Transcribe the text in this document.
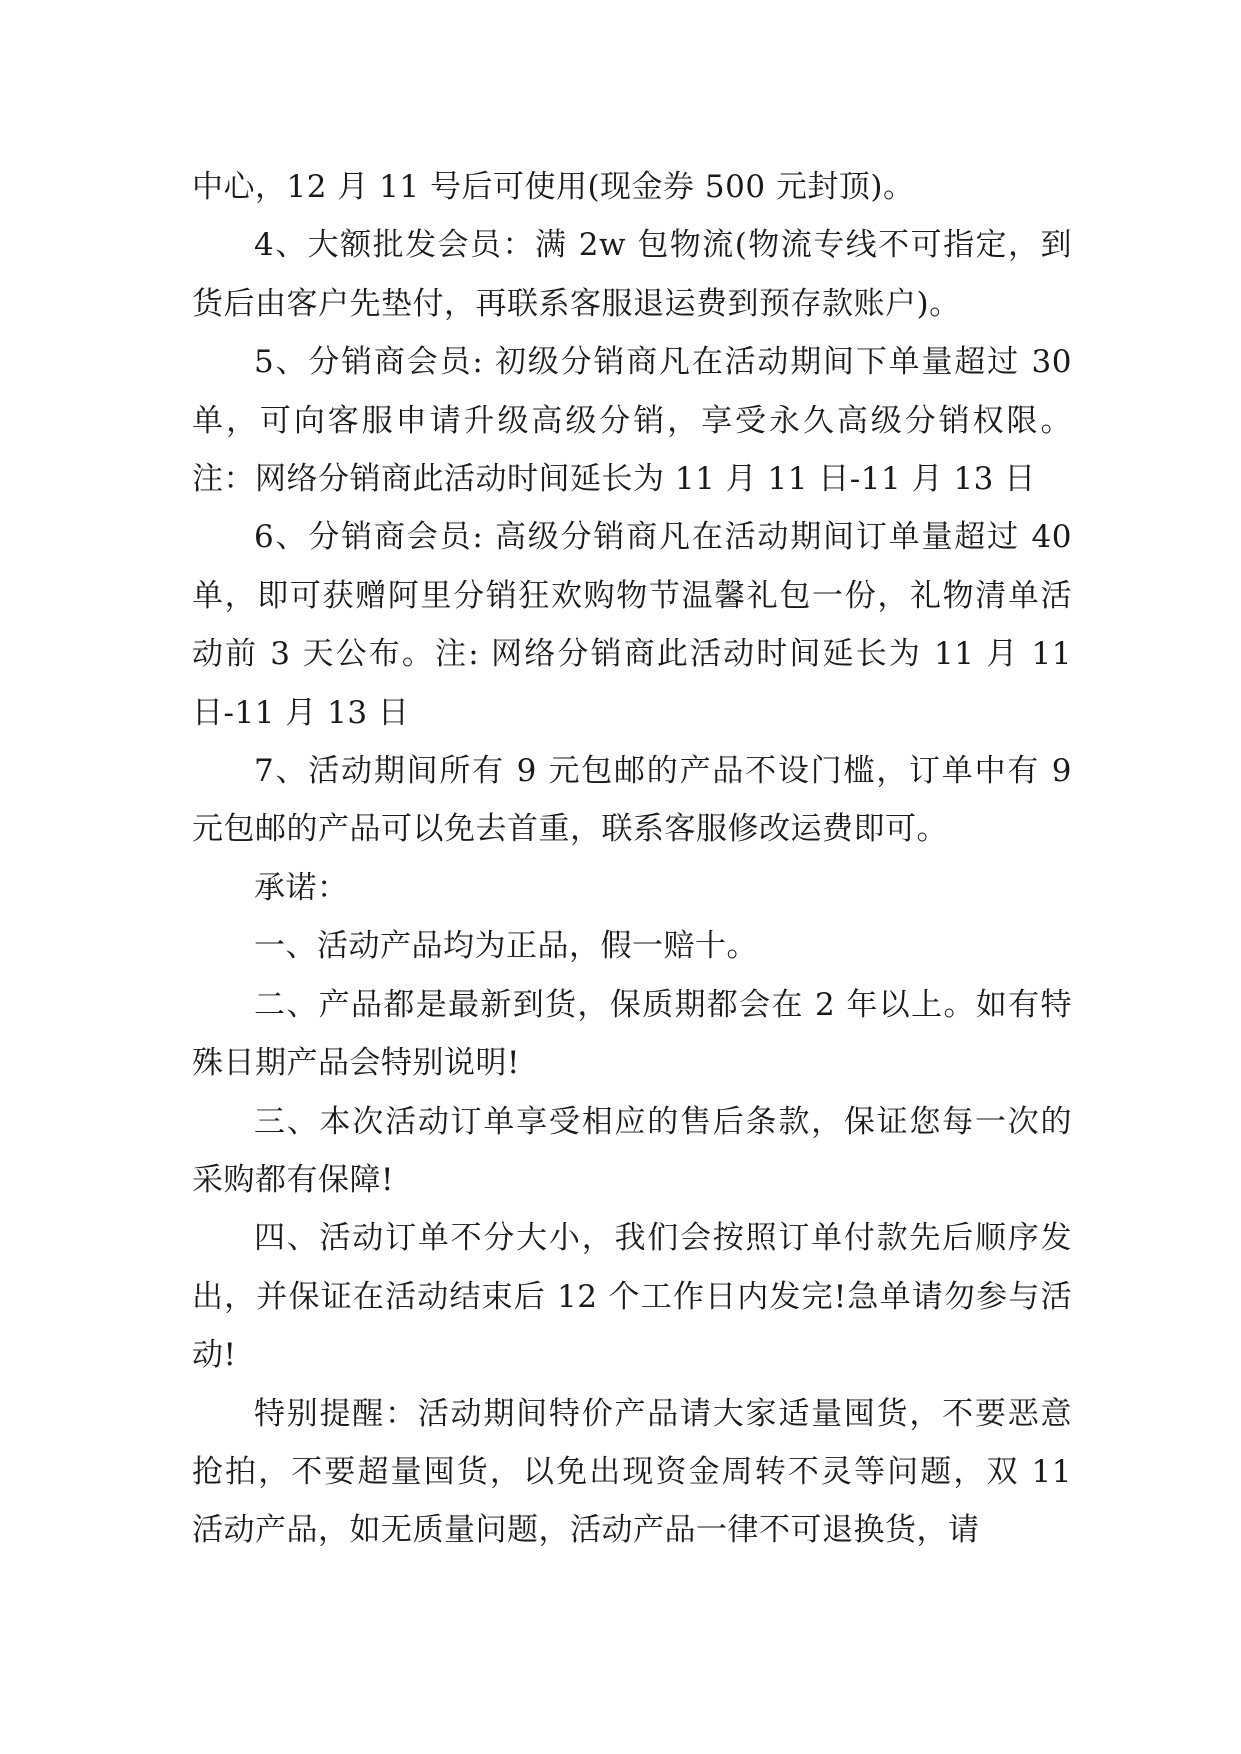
中心，12 月 11 号后可使用(现金券 500 元封顶)。

4、大额批发会员：满 2w 包物流(物流专线不可指定，到货后由客户先垫付，再联系客服退运费到预存款账户)。

5、分销商会员: 初级分销商凡在活动期间下单量超过 30 单，可向客服申请升级高级分销，享受永久高级分销权限。注：网络分销商此活动时间延长为 11 月 11 日-11 月 13 日

6、分销商会员: 高级分销商凡在活动期间订单量超过 40 单，即可获赠阿里分销狂欢购物节温馨礼包一份，礼物清单活动前 3 天公布。注: 网络分销商此活动时间延长为 11 月 11 日-11 月 13 日

7、活动期间所有 9 元包邮的产品不设门槛，订单中有 9 元包邮的产品可以免去首重，联系客服修改运费即可。

承诺：

一、活动产品均为正品，假一赔十。

二、产品都是最新到货，保质期都会在 2 年以上。如有特殊日期产品会特别说明!

三、本次活动订单享受相应的售后条款，保证您每一次的采购都有保障!

四、活动订单不分大小，我们会按照订单付款先后顺序发出，并保证在活动结束后 12 个工作日内发完!急单请勿参与活动!

特别提醒：活动期间特价产品请大家适量囤货，不要恶意抢拍，不要超量囤货，以免出现资金周转不灵等问题，双 11 活动产品，如无质量问题，活动产品一律不可退换货，请
